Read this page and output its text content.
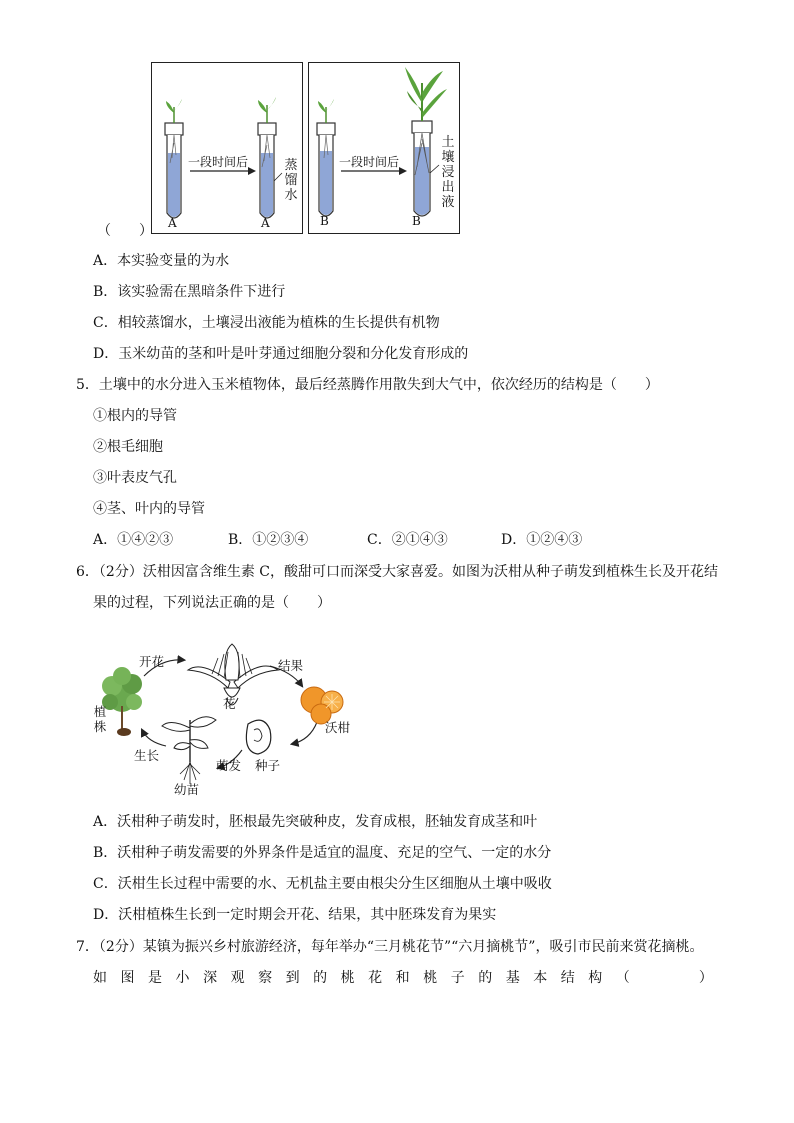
一段时间后	蒸馏水
A	A
一段时间后
土壤浸出液
B	B
（　　）
A．本实验变量的为水
B．该实验需在黑暗条件下进行
C．相较蒸馏水，土壤浸出液能为植株的生长提供有机物
D．玉米幼苗的茎和叶是叶芽通过细胞分裂和分化发育形成的
5．土壤中的水分进入玉米植物体，最后经蒸腾作用散失到大气中，依次经历的结构是（　　）
①根内的导管
②根毛细胞
③叶表皮气孔
④茎、叶内的导管
A．①④②③	B．①②③④	C．②①④③	D．①②④③
6．（2分）沃柑因富含维生素 C，酸甜可口而深受大家喜爱。如图为沃柑从种子萌发到植株生长及开花结
果的过程，下列说法正确的是（　　）
开花
花
结果
沃柑
种子
萌发
幼苗
生长
植株
A．沃柑种子萌发时，胚根最先突破种皮，发育成根，胚轴发育成茎和叶
B．沃柑种子萌发需要的外界条件是适宜的温度、充足的空气、一定的水分
C．沃柑生长过程中需要的水、无机盐主要由根尖分生区细胞从土壤中吸收
D．沃柑植株生长到一定时期会开花、结果，其中胚珠发育为果实
7．（2分）某镇为振兴乡村旅游经济，每年举办“三月桃花节”“六月摘桃节”，吸引市民前来赏花摘桃。
如 图 是 小 深 观 察 到 的 桃 花 和 桃 子 的 基 本 结 构 （
　　　	）
